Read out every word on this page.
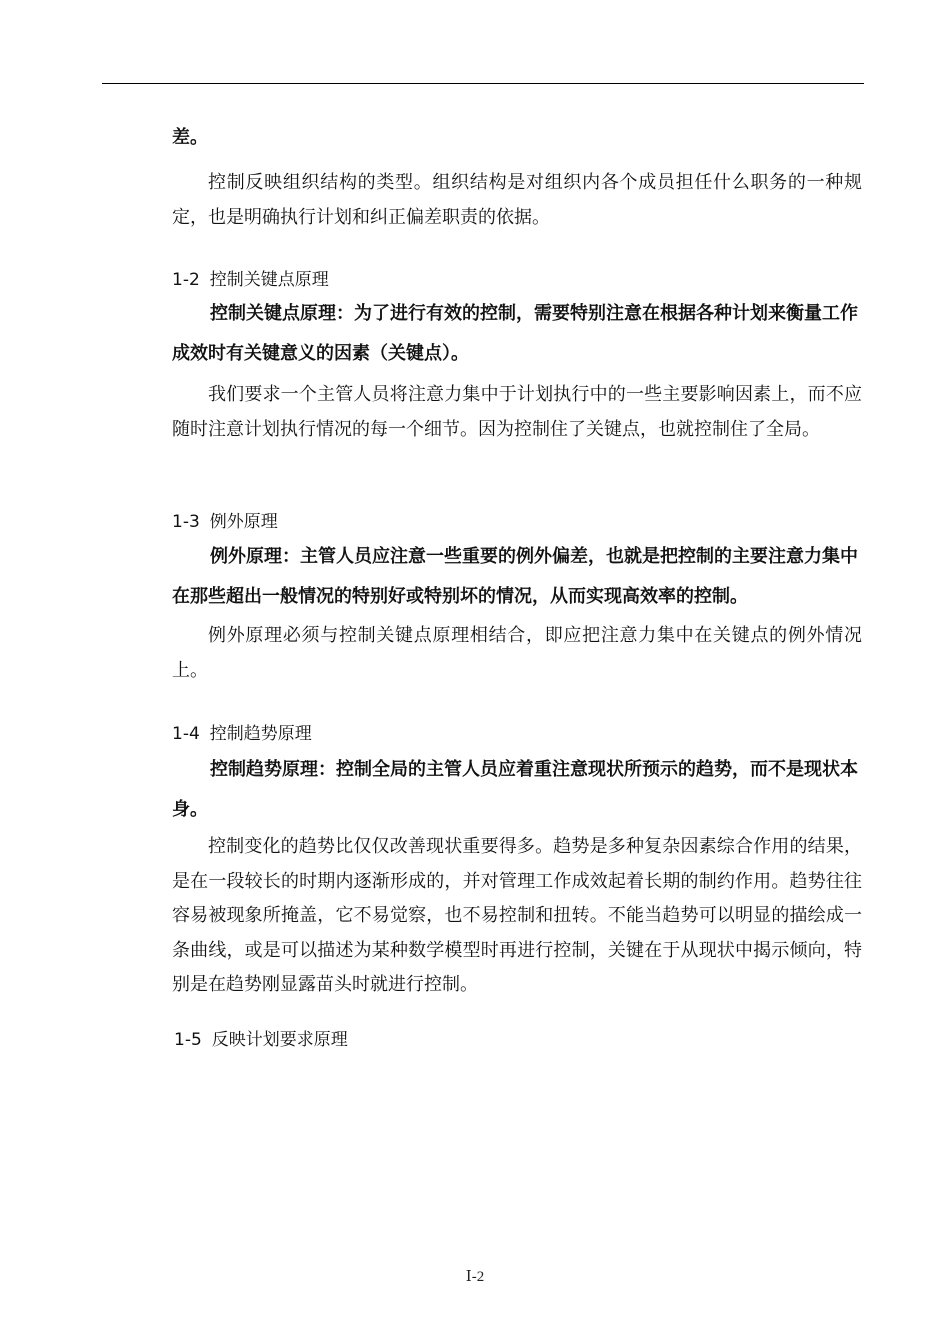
差。

控制反映组织结构的类型。组织结构是对组织内各个成员担任什么职务的一种规定，也是明确执行计划和纠正偏差职责的依据。

1-2 控制关键点原理

控制关键点原理：为了进行有效的控制，需要特别注意在根据各种计划来衡量工作成效时有关键意义的因素（关键点）。

我们要求一个主管人员将注意力集中于计划执行中的一些主要影响因素上，而不应随时注意计划执行情况的每一个细节。因为控制住了关键点，也就控制住了全局。

1-3 例外原理

例外原理：主管人员应注意一些重要的例外偏差，也就是把控制的主要注意力集中在那些超出一般情况的特别好或特别坏的情况，从而实现高效率的控制。

例外原理必须与控制关键点原理相结合，即应把注意力集中在关键点的例外情况上。

1-4 控制趋势原理

控制趋势原理：控制全局的主管人员应着重注意现状所预示的趋势，而不是现状本身。

控制变化的趋势比仅仅改善现状重要得多。趋势是多种复杂因素综合作用的结果，是在一段较长的时期内逐渐形成的，并对管理工作成效起着长期的制约作用。趋势往往容易被现象所掩盖，它不易觉察，也不易控制和扭转。不能当趋势可以明显的描绘成一条曲线，或是可以描述为某种数学模型时再进行控制，关键在于从现状中揭示倾向，特别是在趋势刚显露苗头时就进行控制。

1-5 反映计划要求原理
Ⅰ-2
